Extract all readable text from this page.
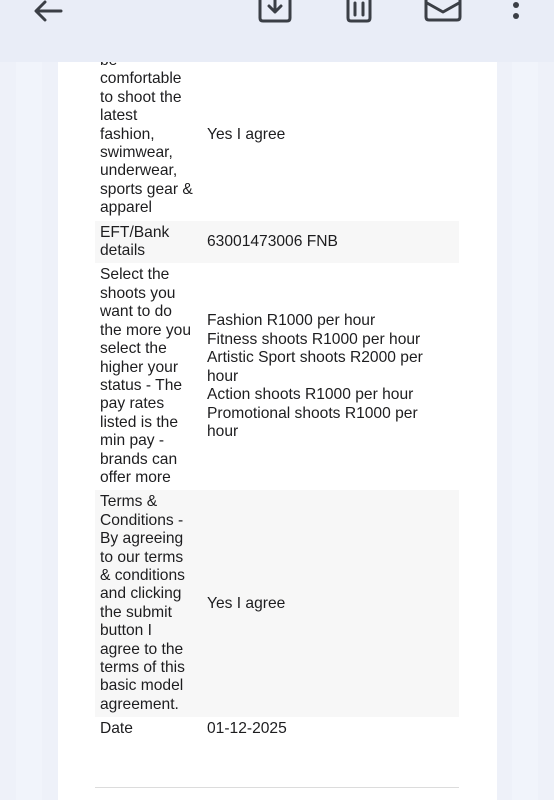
comfortable to shoot the latest fashion, swimwear, underwear, sports gear & apparel	Yes I agree

EFT/Bank details	63001473006 FNB

Select the shoots you want to do the more you select the higher your status - The pay rates listed is the min pay - brands can offer more	Fashion R1000 per hour
Fitness shoots R1000 per hour
Artistic Sport shoots R2000 per hour
Action shoots R1000 per hour
Promotional shoots R1000 per hour

Terms & Conditions - By agreeing to our terms & conditions and clicking the submit button I agree to the terms of this basic model agreement.	Yes I agree

Date	01-12-2025
